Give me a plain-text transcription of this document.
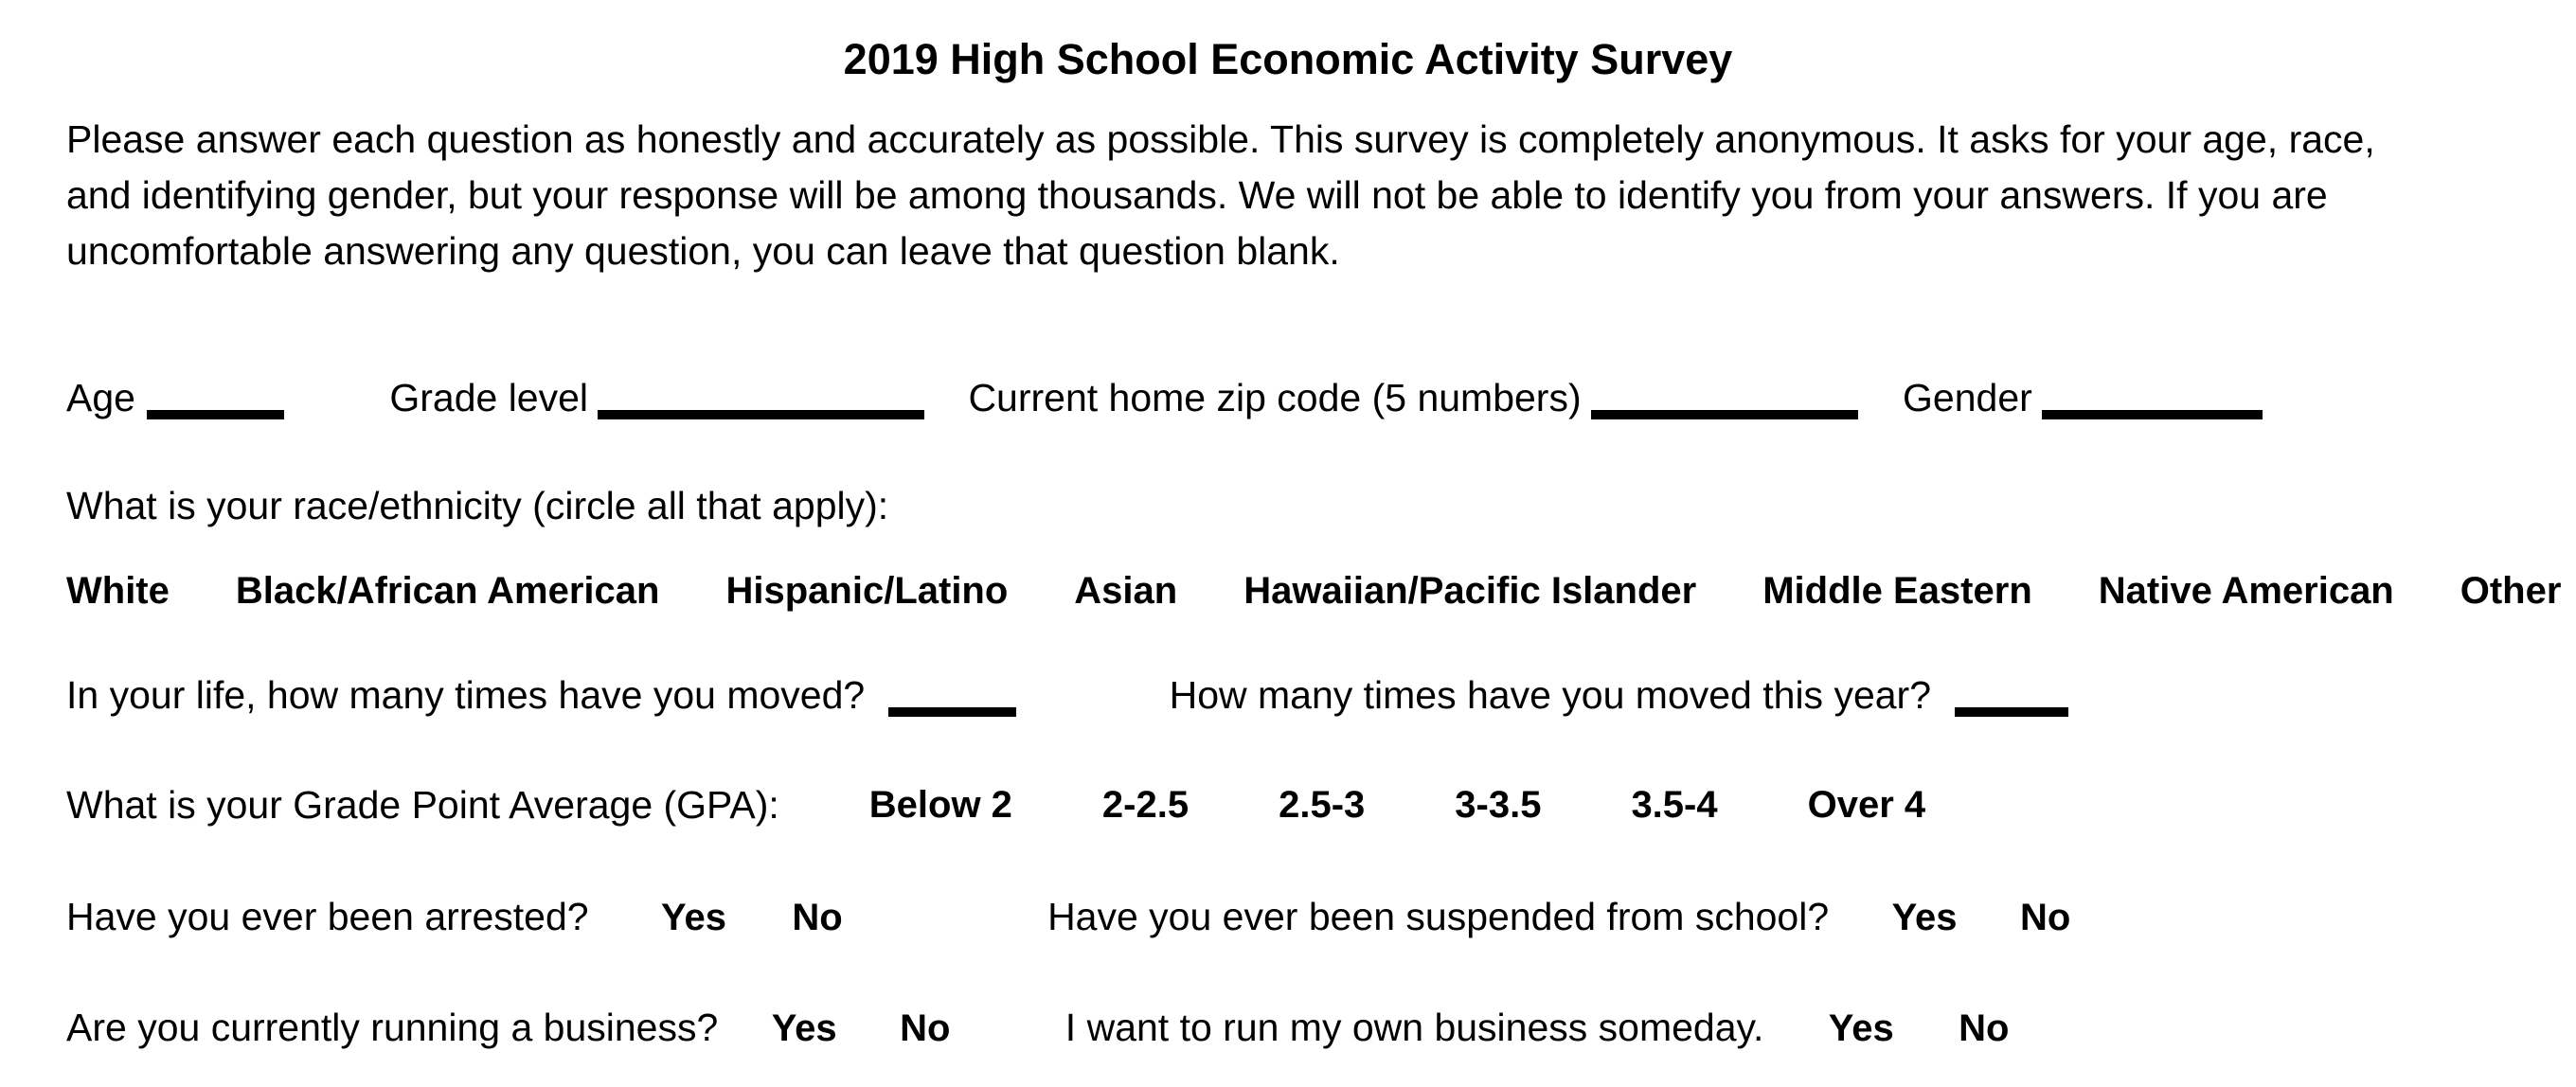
2019 High School Economic Activity Survey
Please answer each question as honestly and accurately as possible. This survey is completely anonymous. It asks for your age, race,
and identifying gender, but your response will be among thousands. We will not be able to identify you from your answers. If you are
uncomfortable answering any question, you can leave that question blank.
Age	Grade level	Current home zip code (5 numbers)	Gender
What is your race/ethnicity (circle all that apply):
White Black/African American Hispanic/Latino Asian Hawaiian/Pacific Islander Middle Eastern Native American Other
In your life, how many times have you moved?	How many times have you moved this year?
What is your Grade Point Average (GPA): Below 2 2-2.5 2.5-3 3-3.5 3.5-4 Over 4
Have you ever been arrested? Yes No	Have you ever been suspended from school? Yes No
Are you currently running a business? Yes No	I want to run my own business someday. Yes No
